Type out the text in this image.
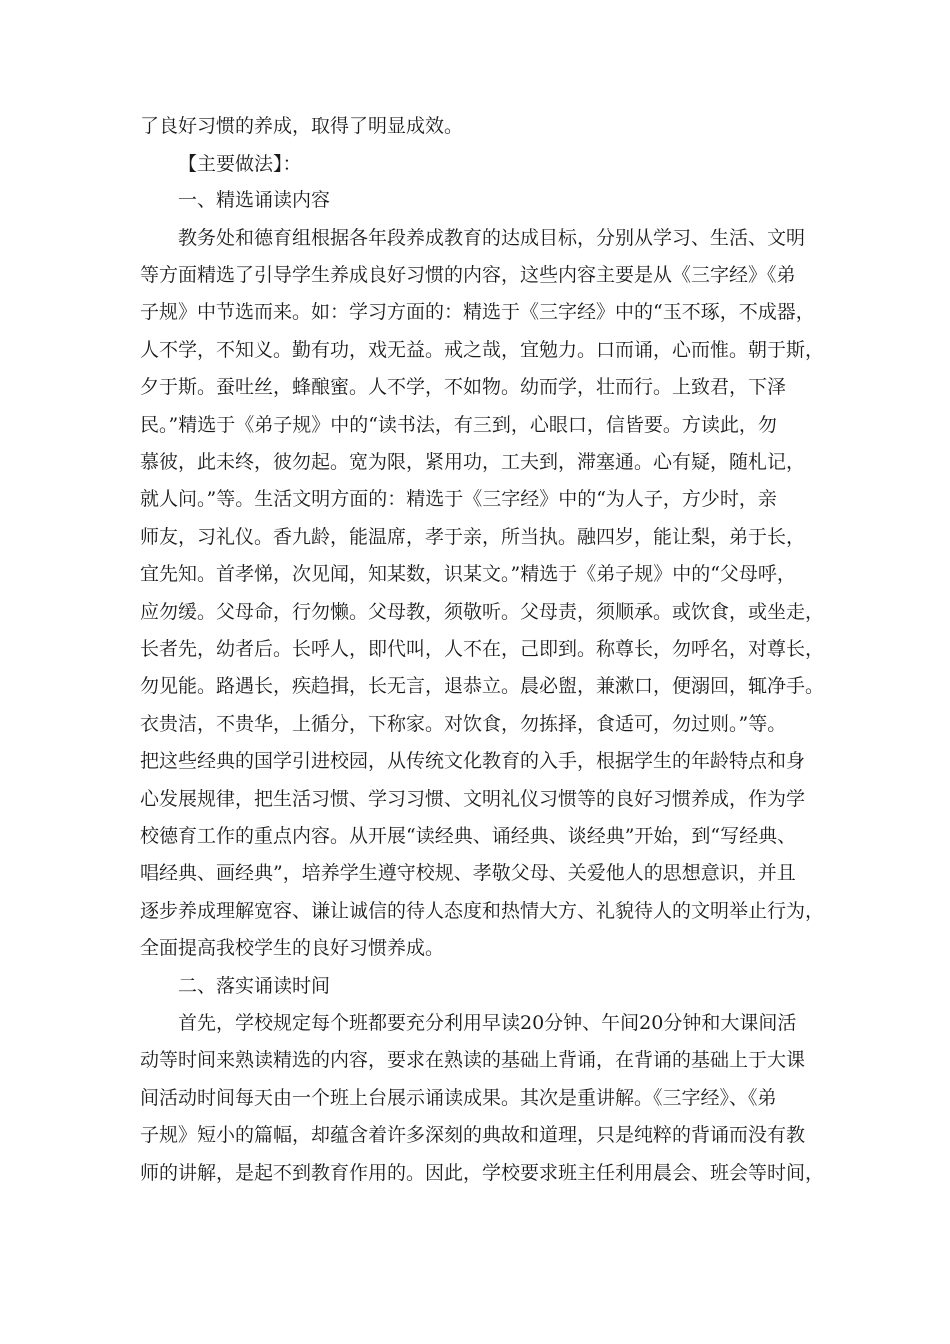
了良好习惯的养成，取得了明显成效。
【主要做法】：
一、精选诵读内容
教务处和德育组根据各年段养成教育的达成目标，分别从学习、生活、文明
等方面精选了引导学生养成良好习惯的内容，这些内容主要是从《三字经》《弟
子规》中节选而来。如：学习方面的：精选于《三字经》中的“玉不琢，不成器，
人不学，不知义。勤有功，戏无益。戒之哉，宜勉力。口而诵，心而惟。朝于斯，
夕于斯。蚕吐丝，蜂酿蜜。人不学，不如物。幼而学，壮而行。上致君，下泽
民。”精选于《弟子规》中的“读书法，有三到，心眼口，信皆要。方读此，勿
慕彼，此未终，彼勿起。宽为限，紧用功，工夫到，滞塞通。心有疑，随札记，
就人问。”等。生活文明方面的：精选于《三字经》中的“为人子，方少时，亲
师友，习礼仪。香九龄，能温席，孝于亲，所当执。融四岁，能让梨，弟于长，
宜先知。首孝悌，次见闻，知某数，识某文。”精选于《弟子规》中的“父母呼，
应勿缓。父母命，行勿懒。父母教，须敬听。父母责，须顺承。或饮食，或坐走，
长者先，幼者后。长呼人，即代叫，人不在，己即到。称尊长，勿呼名，对尊长，
勿见能。路遇长，疾趋揖，长无言，退恭立。晨必盥，兼漱口，便溺回，辄净手。
衣贵洁，不贵华，上循分，下称家。对饮食，勿拣择，食适可，勿过则。”等。
把这些经典的国学引进校园，从传统文化教育的入手，根据学生的年龄特点和身
心发展规律，把生活习惯、学习习惯、文明礼仪习惯等的良好习惯养成，作为学
校德育工作的重点内容。从开展“读经典、诵经典、谈经典”开始，到“写经典、
唱经典、画经典”，培养学生遵守校规、孝敬父母、关爱他人的思想意识，并且
逐步养成理解宽容、谦让诚信的待人态度和热情大方、礼貌待人的文明举止行为，
全面提高我校学生的良好习惯养成。
二、落实诵读时间
首先，学校规定每个班都要充分利用早读20分钟、午间20分钟和大课间活
动等时间来熟读精选的内容，要求在熟读的基础上背诵，在背诵的基础上于大课
间活动时间每天由一个班上台展示诵读成果。其次是重讲解。《三字经》、《弟
子规》短小的篇幅，却蕴含着许多深刻的典故和道理，只是纯粹的背诵而没有教
师的讲解，是起不到教育作用的。因此，学校要求班主任利用晨会、班会等时间，
